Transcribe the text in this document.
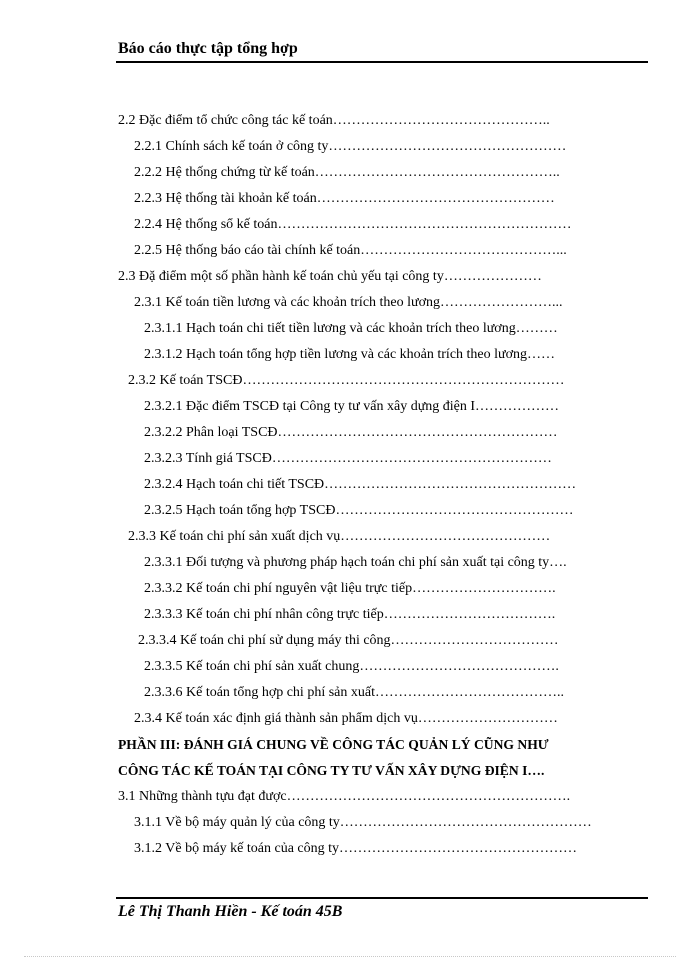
Báo cáo thực tập tổng hợp
2.2 Đặc điểm tổ chức công tác kế toán………………………………………..
2.2.1 Chính sách kế toán ở công ty……………………………………………
2.2.2 Hệ thống chứng từ kế toán……………………………………………..
2.2.3 Hệ thống tài khoản kế toán……………………………………………
2.2.4 Hệ thống sổ kế toán………………………………………………………
2.2.5 Hệ thống báo cáo tài chính kế toán……………………………………...
2.3 Đặ điểm một số phần hành kế toán chủ yếu tại công ty…………………
2.3.1 Kế toán tiền lương và các khoản trích theo lương……………………...
2.3.1.1 Hạch toán chi tiết tiền lương và các khoản trích theo lương………
2.3.1.2 Hạch toán tổng hợp tiền lương và các khoản trích theo lương……
2.3.2 Kế toán TSCĐ……………………………………………………………
2.3.2.1 Đặc điểm TSCĐ tại Công ty tư vấn xây dựng điện I………………
2.3.2.2 Phân loại TSCĐ……………………………………………………
2.3.2.3 Tính giá TSCĐ……………………………………………………
2.3.2.4 Hạch toán chi tiết TSCĐ………………………………………………
2.3.2.5 Hạch toán tổng hợp TSCĐ……………………………………………
2.3.3 Kế toán chi phí sản xuất dịch vụ………………………………………
2.3.3.1 Đối tượng và phương pháp hạch toán chi phí sản xuất tại công ty….
2.3.3.2 Kế toán chi phí nguyên vật liệu trực tiếp………………………….
2.3.3.3 Kế toán chi phí nhân công trực tiếp……………………………….
2.3.3.4 Kế toán chi phí sử dụng máy thi công………………………………
2.3.3.5 Kế toán chi phí sản xuất chung…………………………………….
2.3.3.6 Kế toán tổng hợp chi phí sản xuất…………………………………..
2.3.4 Kế toán xác định giá thành sản phẩm dịch vụ…………………………
PHẦN III: ĐÁNH GIÁ CHUNG VỀ CÔNG TÁC QUẢN LÝ CŨNG NHƯ
CÔNG TÁC KẾ TOÁN TẠI CÔNG TY TƯ VẤN XÂY DỰNG ĐIỆN I….
3.1 Những thành tựu đạt được…………………………………………………….
3.1.1 Về bộ máy quản lý của công ty………………………………………………
3.1.2 Về bộ máy kế toán của công ty……………………………………………
Lê Thị Thanh Hiền - Kế toán 45B
